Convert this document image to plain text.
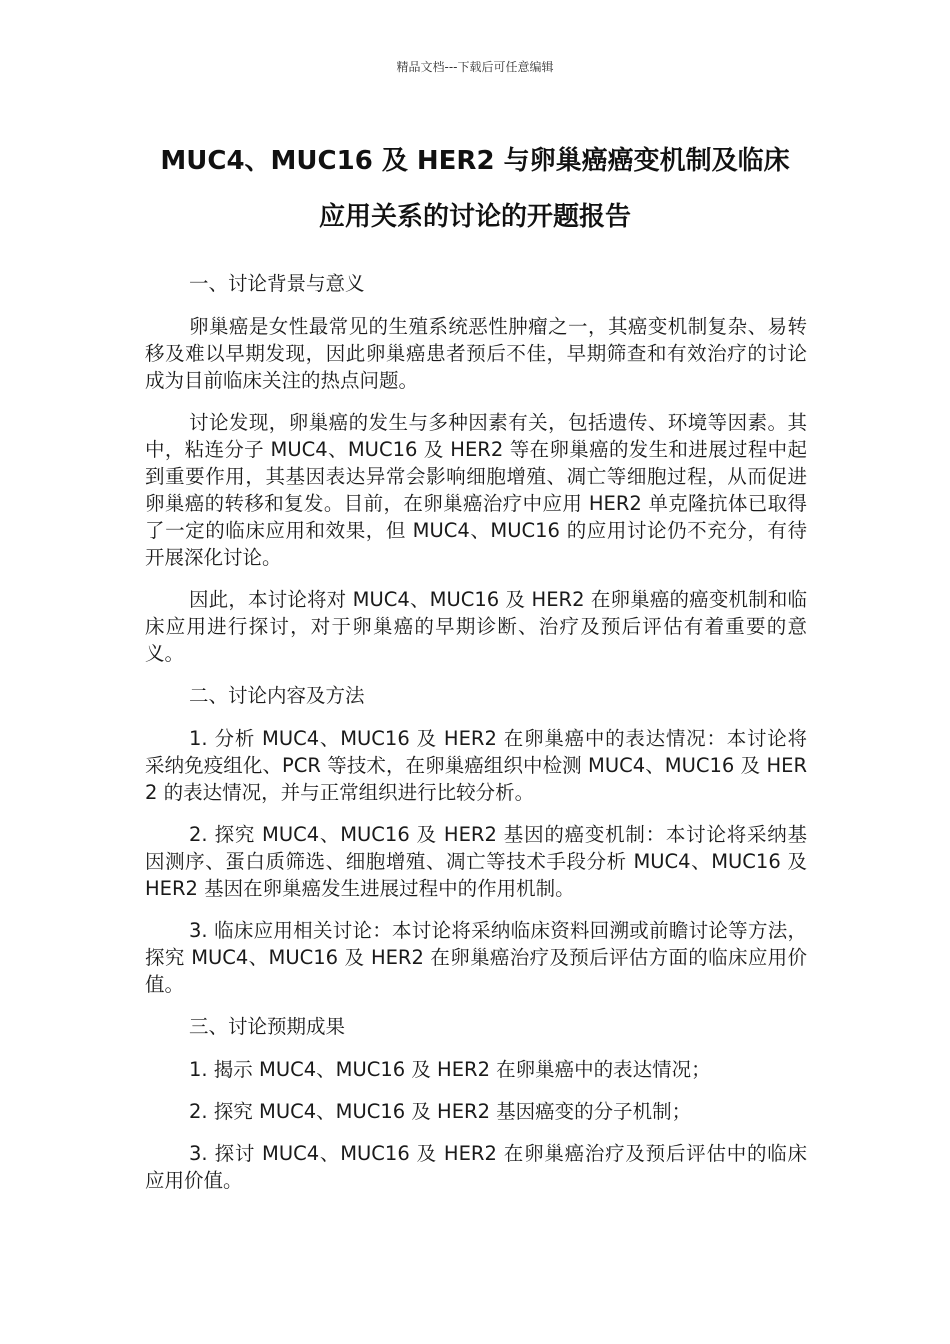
精品文档---下载后可任意编辑
MUC4、MUC16 及 HER2 与卵巢癌癌变机制及临床
应用关系的讨论的开题报告

一、讨论背景与意义

卵巢癌是女性最常见的生殖系统恶性肿瘤之一，其癌变机制复杂、易转移及难以早期发现，因此卵巢癌患者预后不佳，早期筛查和有效治疗的讨论成为目前临床关注的热点问题。

讨论发现，卵巢癌的发生与多种因素有关，包括遗传、环境等因素。其中，粘连分子 MUC4、MUC16 及 HER2 等在卵巢癌的发生和进展过程中起到重要作用，其基因表达异常会影响细胞增殖、凋亡等细胞过程，从而促进卵巢癌的转移和复发。目前，在卵巢癌治疗中应用 HER2 单克隆抗体已取得了一定的临床应用和效果，但 MUC4、MUC16 的应用讨论仍不充分，有待开展深化讨论。

因此，本讨论将对 MUC4、MUC16 及 HER2 在卵巢癌的癌变机制和临床应用进行探讨，对于卵巢癌的早期诊断、治疗及预后评估有着重要的意义。

二、讨论内容及方法

1. 分析 MUC4、MUC16 及 HER2 在卵巢癌中的表达情况：本讨论将采纳免疫组化、PCR 等技术，在卵巢癌组织中检测 MUC4、MUC16 及 HER2 的表达情况，并与正常组织进行比较分析。

2. 探究 MUC4、MUC16 及 HER2 基因的癌变机制：本讨论将采纳基因测序、蛋白质筛选、细胞增殖、凋亡等技术手段分析 MUC4、MUC16 及 HER2 基因在卵巢癌发生进展过程中的作用机制。

3. 临床应用相关讨论：本讨论将采纳临床资料回溯或前瞻讨论等方法，探究 MUC4、MUC16 及 HER2 在卵巢癌治疗及预后评估方面的临床应用价值。

三、讨论预期成果

1. 揭示 MUC4、MUC16 及 HER2 在卵巢癌中的表达情况；

2. 探究 MUC4、MUC16 及 HER2 基因癌变的分子机制；

3. 探讨 MUC4、MUC16 及 HER2 在卵巢癌治疗及预后评估中的临床应用价值。
